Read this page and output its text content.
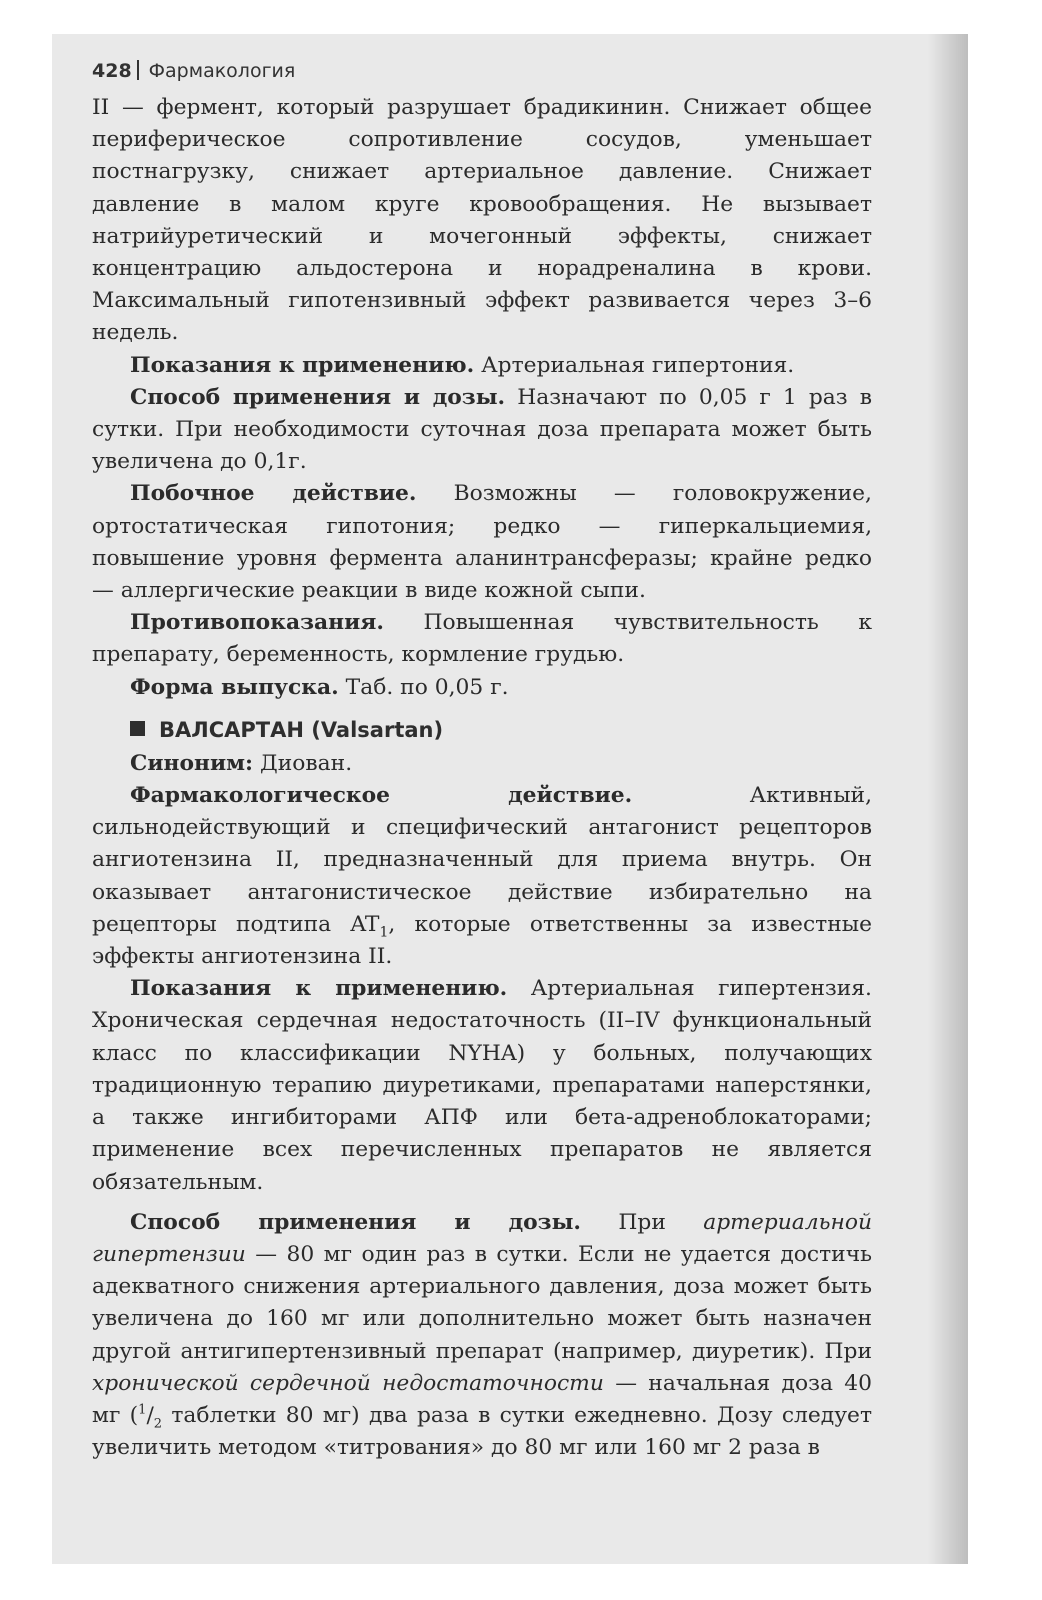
428 Фармакология

II — фермент, который разрушает брадикинин. Снижает общее периферическое сопротивление сосудов, уменьшает постнагрузку, снижает артериальное давление. Снижает давление в малом круге кровообращения. Не вызывает натрийуретический и мочегонный эффекты, снижает концентрацию альдостерона и норадреналина в крови. Максимальный гипотензивный эффект развивается через 3–6 недель.

Показания к применению. Артериальная гипертония.

Способ применения и дозы. Назначают по 0,05 г 1 раз в сутки. При необходимости суточная доза препарата может быть увеличена до 0,1г.

Побочное действие. Возможны — головокружение, ортостатическая гипотония; редко — гиперкальциемия, повышение уровня фермента аланинтрансферазы; крайне редко — аллергические реакции в виде кожной сыпи.

Противопоказания. Повышенная чувствительность к препарату, беременность, кормление грудью.

Форма выпуска. Таб. по 0,05 г.

ВАЛСАРТАН (Valsartan)

Синоним: Диован.

Фармакологическое действие. Активный, сильнодействующий и специфический антагонист рецепторов ангиотензина II, предназначенный для приема внутрь. Он оказывает антагонистическое действие избирательно на рецепторы подтипа $AT_1$, которые ответственны за известные эффекты ангиотензина II.

Показания к применению. Артериальная гипертензия. Хроническая сердечная недостаточность (II–IV функциональный класс по классификации NYHA) у больных, получающих традиционную терапию диуретиками, препаратами наперстянки, а также ингибиторами АПФ или бета-адреноблокаторами; применение всех перечисленных препаратов не является обязательным.

Способ применения и дозы. При артериальной гипертензии — 80 мг один раз в сутки. Если не удается достичь адекватного снижения артериального давления, доза может быть увеличена до 160 мг или дополнительно может быть назначен другой антигипертензивный препарат (например, диуретик). При хронической сердечной недостаточности — начальная доза 40 мг ($^1/_2$ таблетки 80 мг) два раза в сутки ежедневно. Дозу следует увеличить методом «титрования» до 80 мг или 160 мг 2 раза в
